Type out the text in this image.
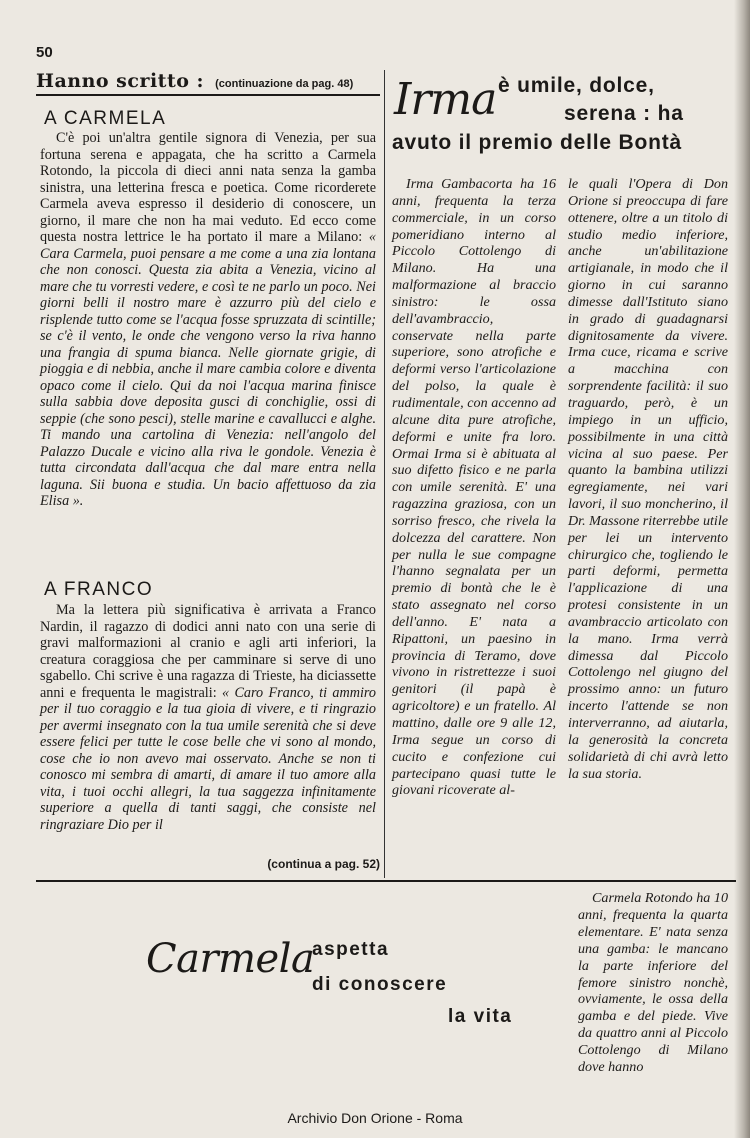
50
Hanno scritto : (continuazione da pag. 48)
A CARMELA

C'è poi un'altra gentile signora di Venezia, per sua fortuna serena e appagata, che ha scritto a Carmela Rotondo, la piccola di dieci anni nata senza la gamba sinistra, una letterina fresca e poetica. Come ricorderete Carmela aveva espresso il desiderio di conoscere, un giorno, il mare che non ha mai veduto. Ed ecco come questa nostra lettrice le ha portato il mare a Milano: « Cara Carmela, puoi pensare a me come a una zia lontana che non conosci. Questa zia abita a Venezia, vicino al mare che tu vorresti vedere, e così te ne parlo un poco. Nei giorni belli il nostro mare è azzurro più del cielo e risplende tutto come se l'acqua fosse spruzzata di scintille; se c'è il vento, le onde che vengono verso la riva hanno una frangia di spuma bianca. Nelle giornate grigie, di pioggia e di nebbia, anche il mare cambia colore e diventa opaco come il cielo. Qui da noi l'acqua marina finisce sulla sabbia dove deposita gusci di conchiglie, ossi di seppie (che sono pesci), stelle marine e cavallucci e alghe. Ti mando una cartolina di Venezia: nell'angolo del Palazzo Ducale e vicino alla riva le gondole. Venezia è tutta circondata dall'acqua che dal mare entra nella laguna. Sii buona e studia. Un bacio affettuoso da zia Elisa ».

A FRANCO

Ma la lettera più significativa è arrivata a Franco Nardin, il ragazzo di dodici anni nato con una serie di gravi malformazioni al cranio e agli arti inferiori, la creatura coraggiosa che per camminare si serve di uno sgabello. Chi scrive è una ragazza di Trieste, ha diciassette anni e frequenta le magistrali: « Caro Franco, ti ammiro per il tuo coraggio e la tua gioia di vivere, e ti ringrazio per avermi insegnato con la tua umile serenità che si deve essere felici per tutte le cose belle che vi sono al mondo, cose che io non avevo mai osservato. Anche se non ti conosco mi sembra di amarti, di amare il tuo amore alla vita, i tuoi occhi allegri, la tua saggezza infinitamente superiore a quella di tanti saggi, che consiste nel ringraziare Dio per il

(continua a pag. 52)
Irma è umile, dolce,
serena : ha
avuto il premio delle Bontà

Irma Gambacorta ha 16 anni, frequenta la terza commerciale, in un corso pomeridiano interno al Piccolo Cottolengo di Milano. Ha una malformazione al braccio sinistro: le ossa dell'avambraccio, conservate nella parte superiore, sono atrofiche e deformi verso l'articolazione del polso, la quale è rudimentale, con accenno ad alcune dita pure atrofiche, deformi e unite fra loro. Ormai Irma si è abituata al suo difetto fisico e ne parla con umile serenità. E' una ragazzina graziosa, con un sorriso fresco, che rivela la dolcezza del carattere. Non per nulla le sue compagne l'hanno segnalata per un premio di bontà che le è stato assegnato nel corso dell'anno. E' nata a Ripattoni, un paesino in provincia di Teramo, dove vivono in ristrettezze i suoi genitori (il papà è agricoltore) e un fratello. Al mattino, dalle ore 9 alle 12, Irma segue un corso di cucito e confezione cui partecipano quasi tutte le giovani ricoverate al-

le quali l'Opera di Don Orione si preoccupa di fare ottenere, oltre a un titolo di studio medio inferiore, anche un'abilitazione artigianale, in modo che il giorno in cui saranno dimesse dall'Istituto siano in grado di guadagnarsi dignitosamente da vivere. Irma cuce, ricama e scrive a macchina con sorprendente facilità: il suo traguardo, però, è un impiego in un ufficio, possibilmente in una città vicina al suo paese. Per quanto la bambina utilizzi egregiamente, nei vari lavori, il suo moncherino, il Dr. Massone riterrebbe utile per lei un intervento chirurgico che, togliendo le parti deformi, permetta l'applicazione di una protesi consistente in un avambraccio articolato con la mano. Irma verrà dimessa dal Piccolo Cottolengo nel giugno del prossimo anno: un futuro incerto l'attende se non interverranno, ad aiutarla, la generosità la concreta solidarietà di chi avrà letto la sua storia.

Carmela
aspetta
di conoscere
la vita

Carmela Rotondo ha 10 anni, frequenta la quarta elementare. E' nata senza una gamba: le mancano la parte inferiore del femore sinistro nonchè, ovviamente, le ossa della gamba e del piede. Vive da quattro anni al Piccolo Cottolengo di Milano dove hanno

Archivio Don Orione - Roma
